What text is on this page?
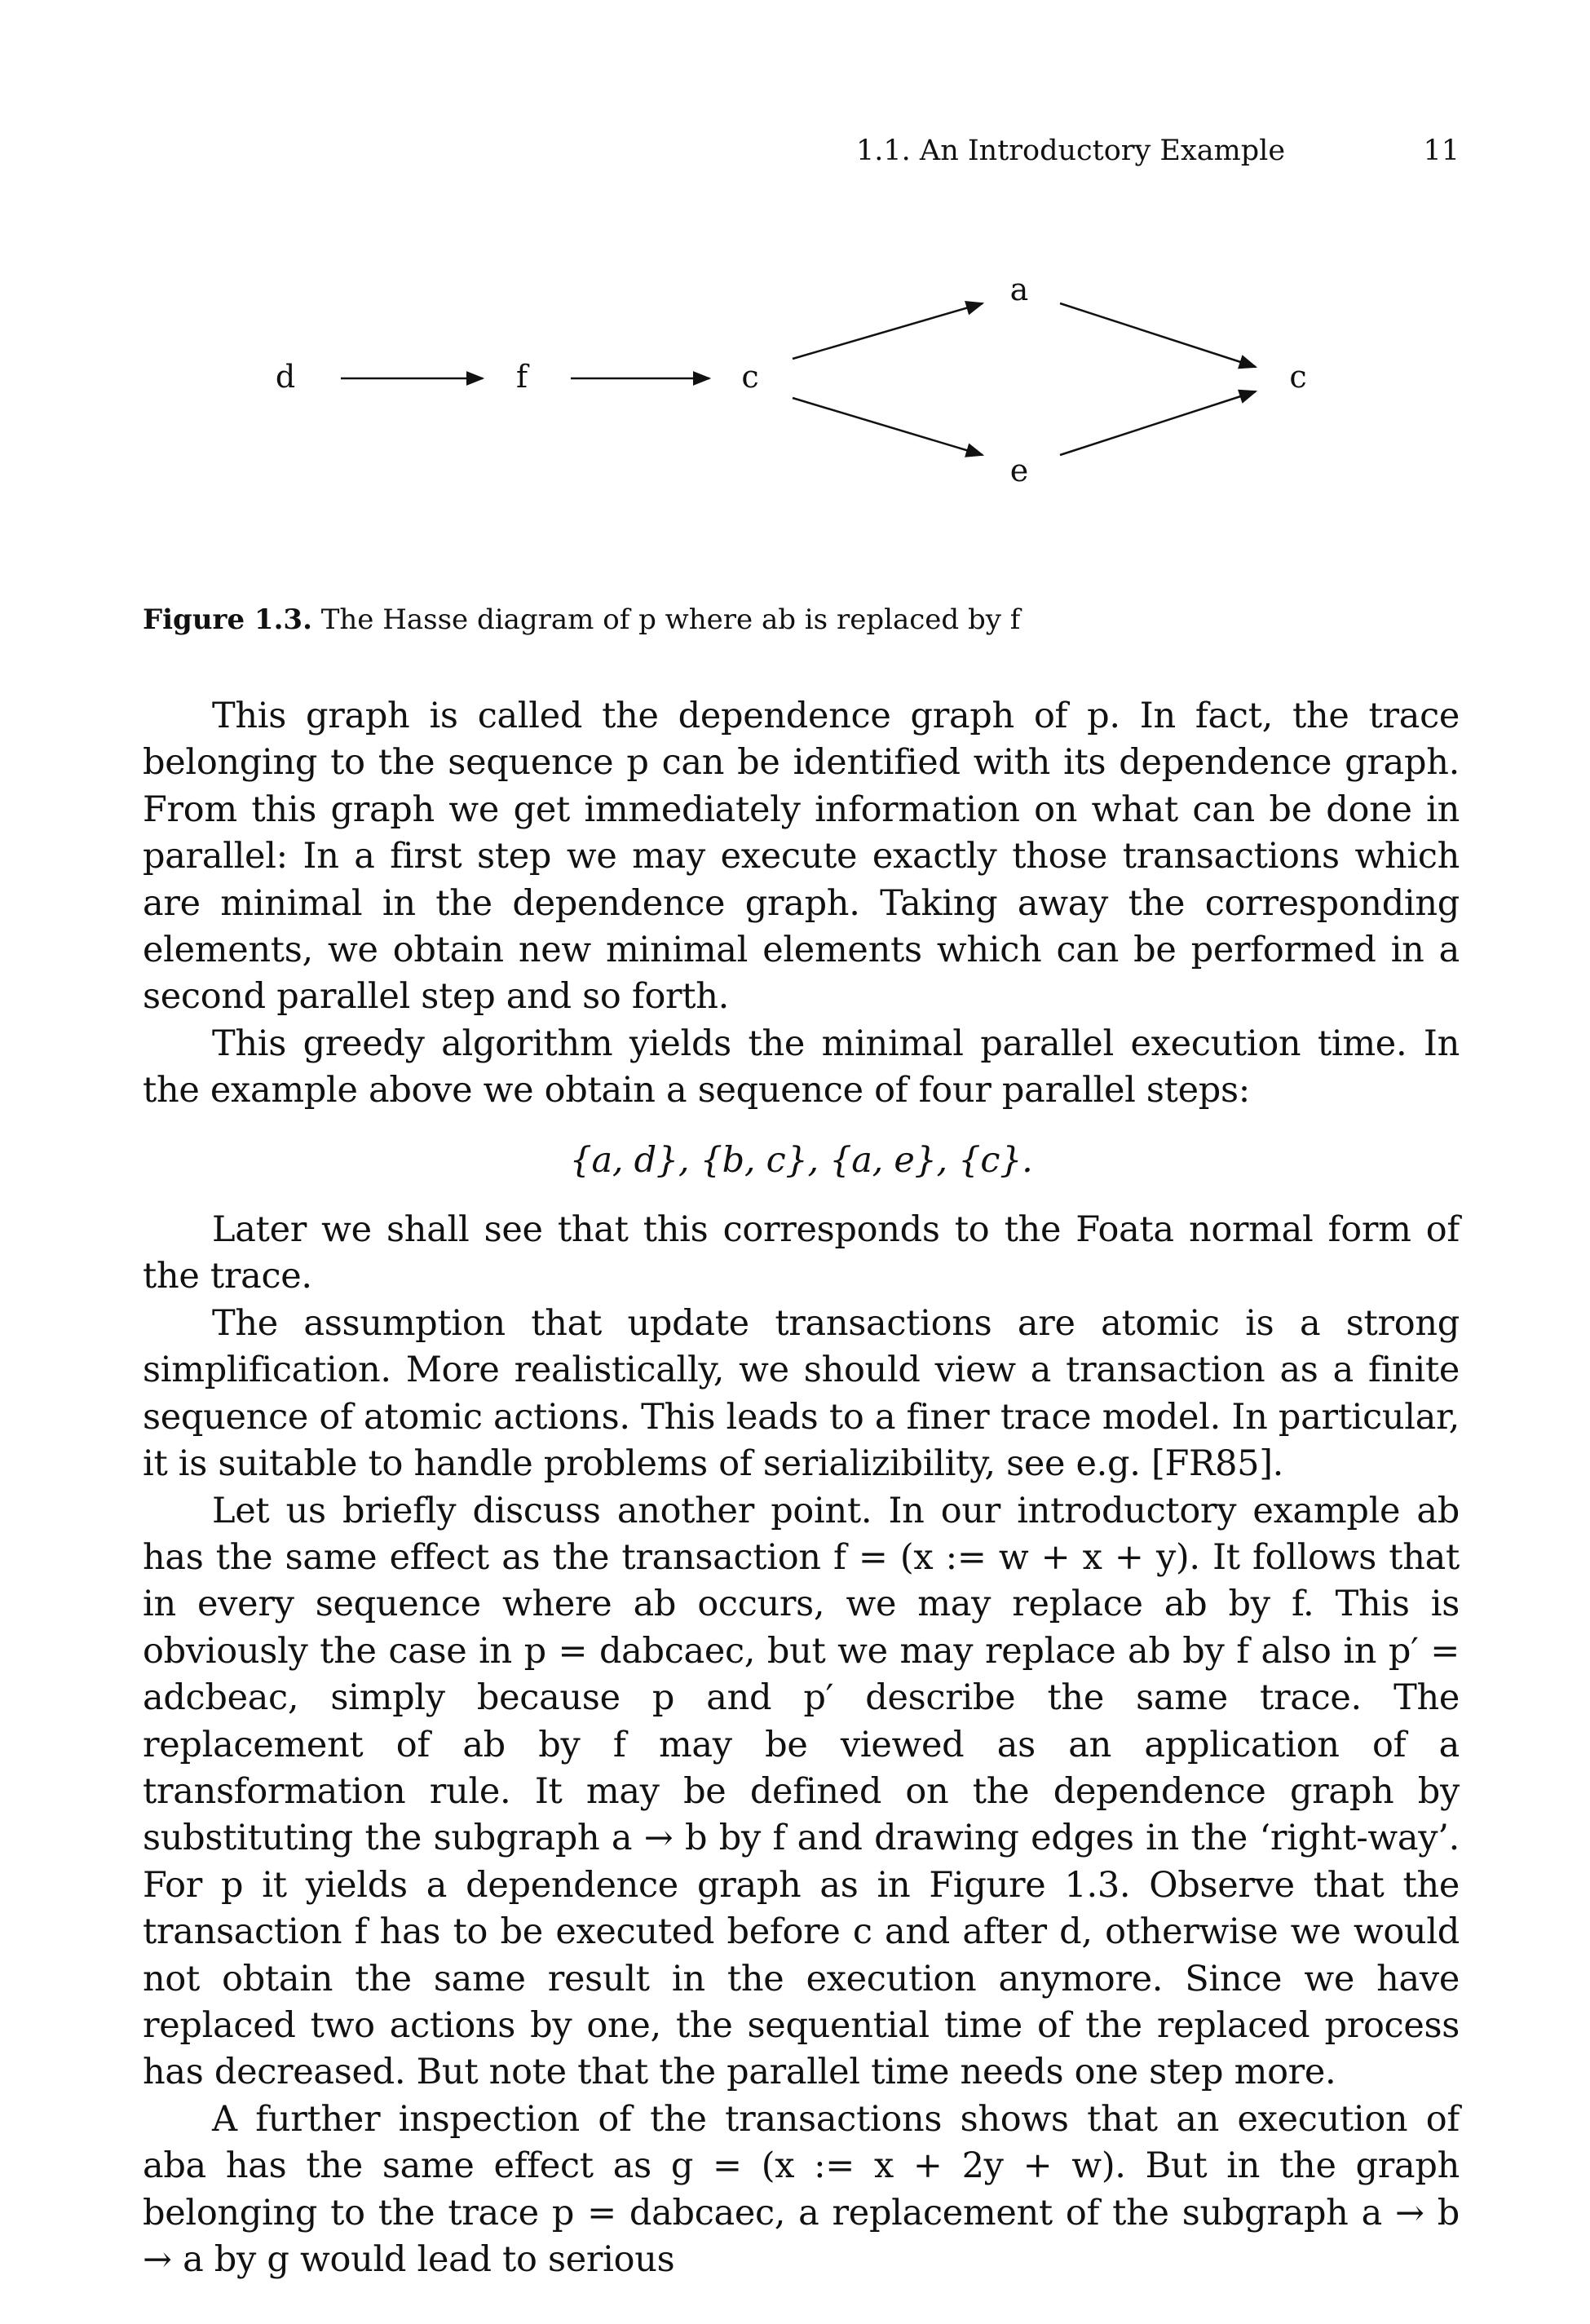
1.1. An Introductory Example	11
d	f	c
a
e
c
Figure 1.3. The Hasse diagram of p where ab is replaced by f

This graph is called the dependence graph of p. In fact, the trace belonging to the sequence p can be identified with its dependence graph. From this graph we get immediately information on what can be done in parallel: In a first step we may execute exactly those transactions which are minimal in the dependence graph. Taking away the corresponding elements, we obtain new minimal elements which can be performed in a second parallel step and so forth.

This greedy algorithm yields the minimal parallel execution time. In the example above we obtain a sequence of four parallel steps:

{a, d}, {b, c}, {a, e}, {c}.

Later we shall see that this corresponds to the Foata normal form of the trace.

The assumption that update transactions are atomic is a strong simplification. More realistically, we should view a transaction as a finite sequence of atomic actions. This leads to a finer trace model. In particular, it is suitable to handle problems of serializibility, see e.g. [FR85].

Let us briefly discuss another point. In our introductory example ab has the same effect as the transaction f = (x := w + x + y). It follows that in every sequence where ab occurs, we may replace ab by f. This is obviously the case in p = dabcaec, but we may replace ab by f also in p′ = adcbeac, simply because p and p′ describe the same trace. The replacement of ab by f may be viewed as an application of a transformation rule. It may be defined on the dependence graph by substituting the subgraph a → b by f and drawing edges in the ‘right-way’. For p it yields a dependence graph as in Figure 1.3. Observe that the transaction f has to be executed before c and after d, otherwise we would not obtain the same result in the execution anymore. Since we have replaced two actions by one, the sequential time of the replaced process has decreased. But note that the parallel time needs one step more.

A further inspection of the transactions shows that an execution of aba has the same effect as g = (x := x + 2y + w). But in the graph belonging to the trace p = dabcaec, a replacement of the subgraph a → b → a by g would lead to serious
